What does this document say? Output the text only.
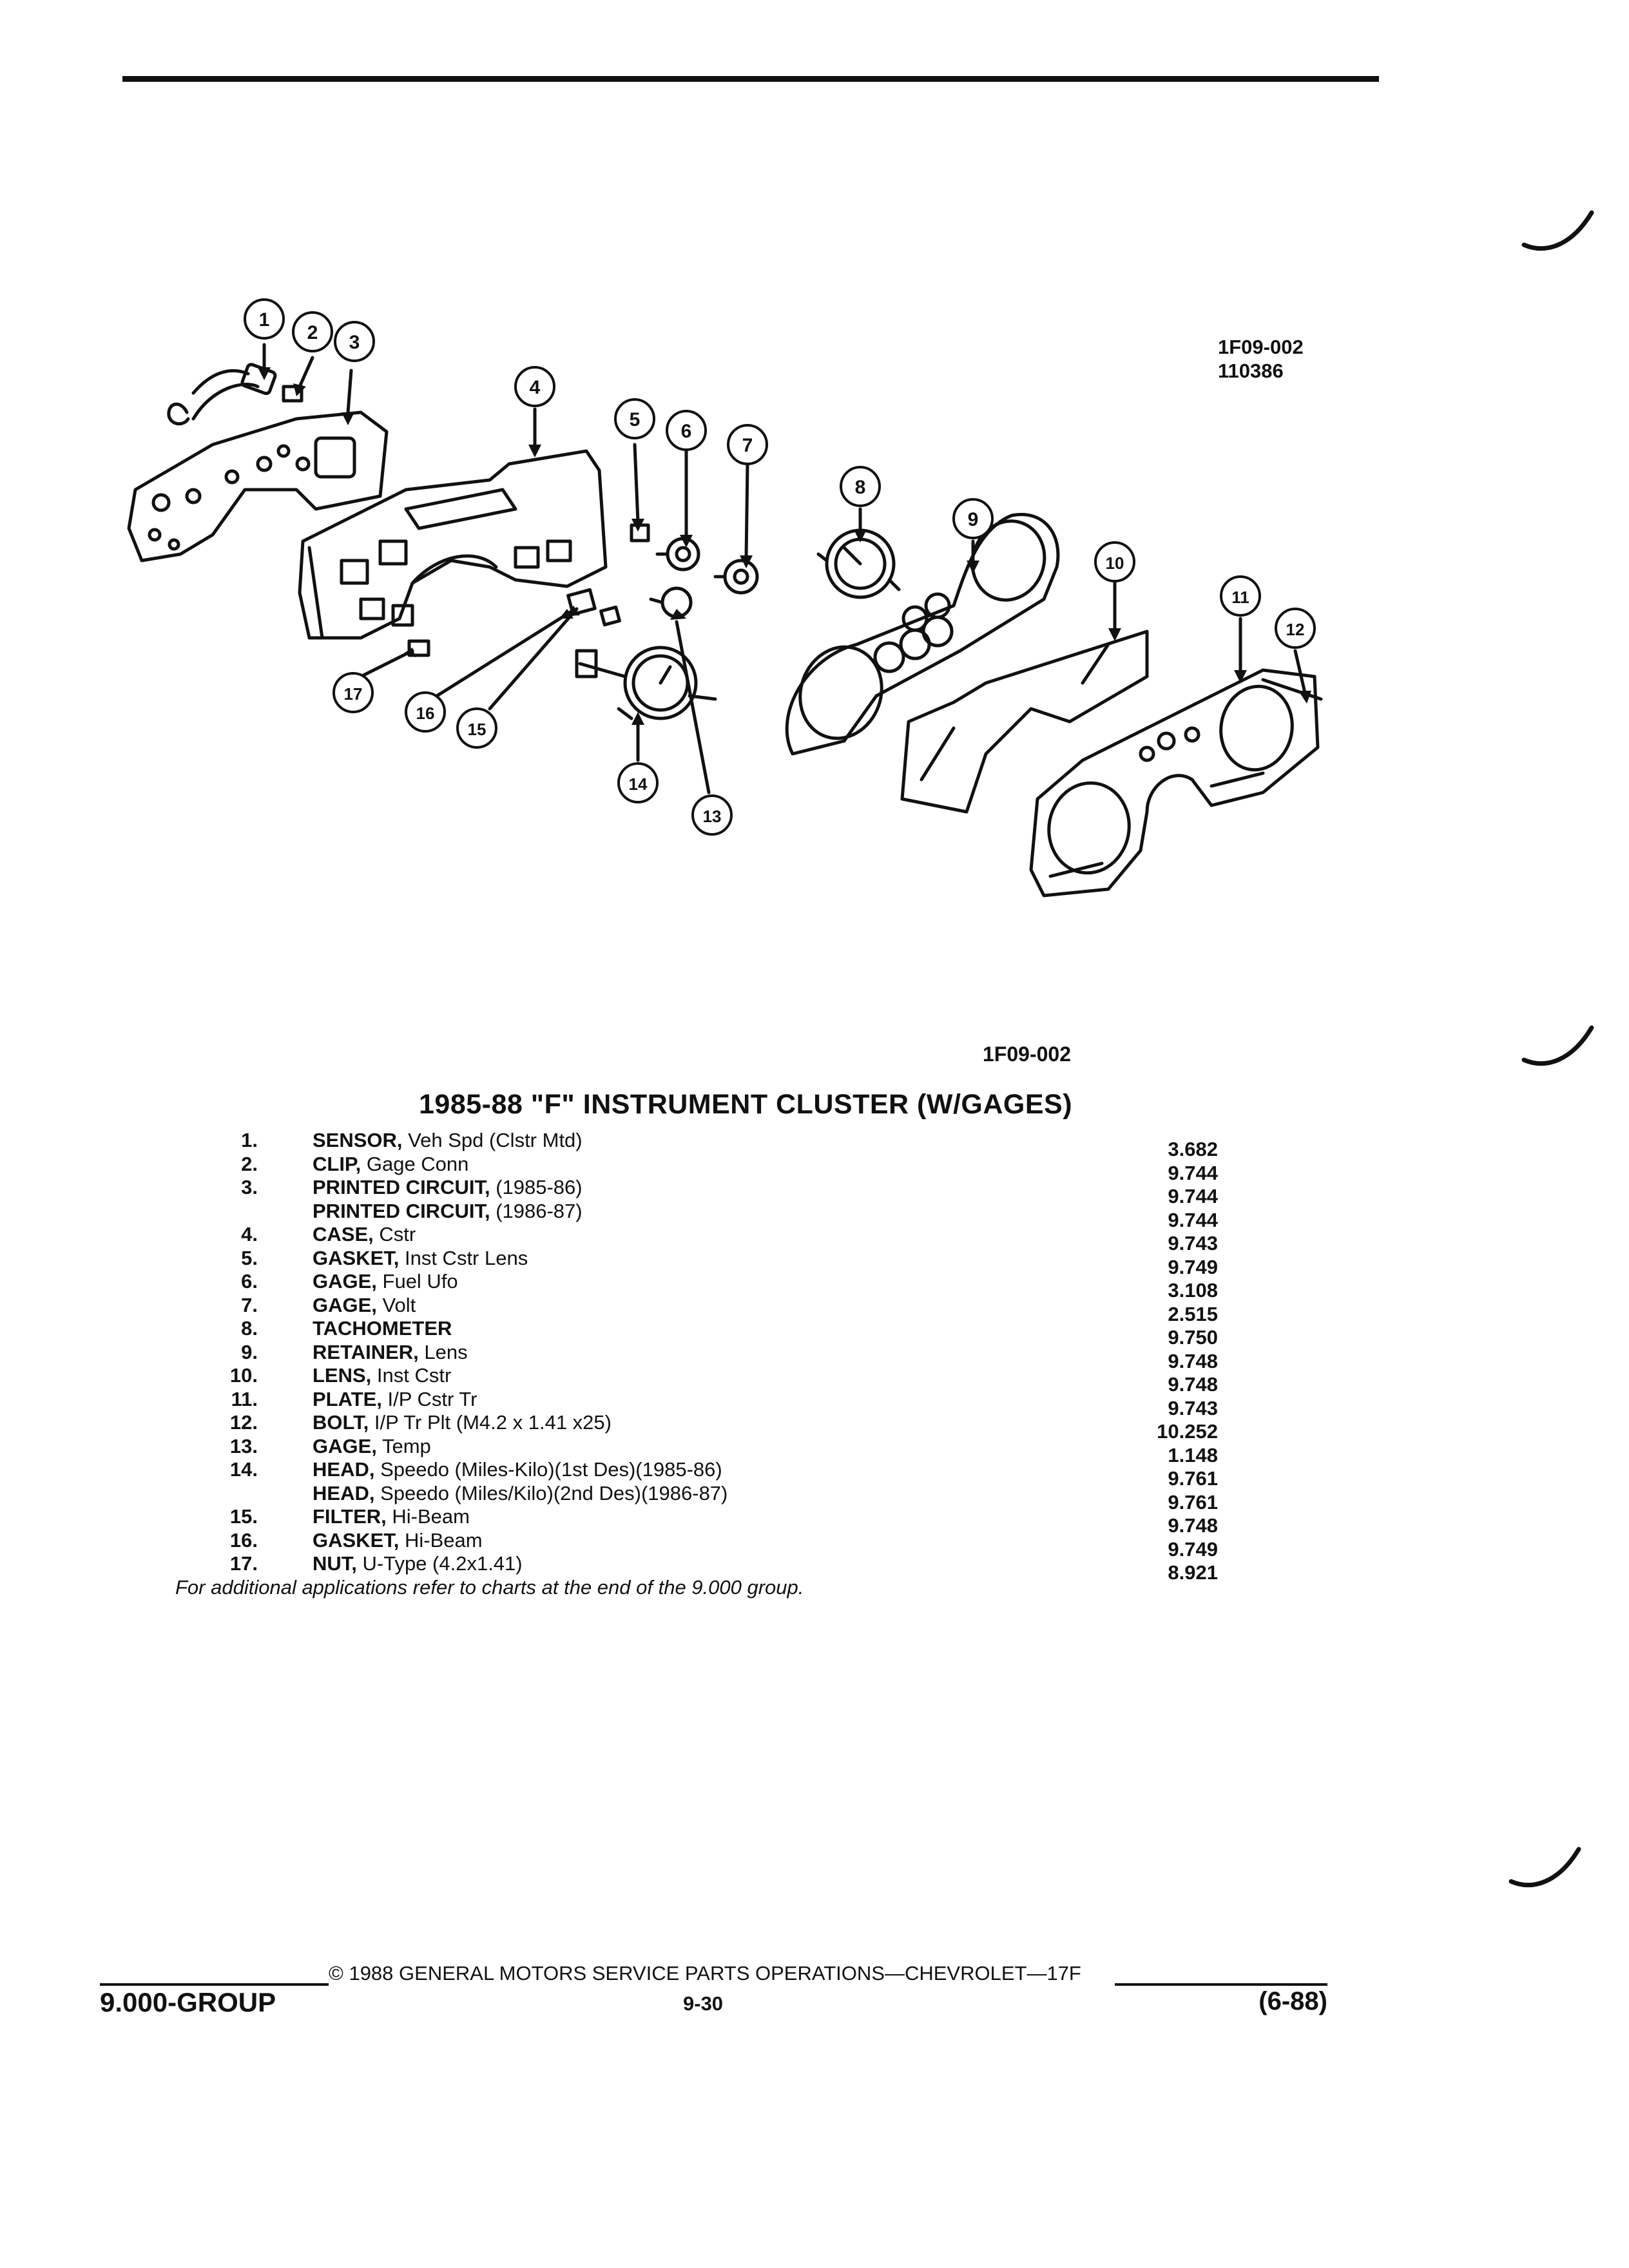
1
2 3
4
5
6
7
8
9
10
11
12
13
14
15
16
17
1F09-002
110386
1F09-002
1985-88 "F" INSTRUMENT CLUSTER (W/GAGES)
1.	SENSOR, Veh Spd (Clstr Mtd)	3.682
2.	CLIP, Gage Conn	9.744
3.	PRINTED CIRCUIT, (1985-86)	9.744
PRINTED CIRCUIT, (1986-87)	9.744
4.	CASE, Cstr	9.743
5.	GASKET, Inst Cstr Lens	9.749
6.	GAGE, Fuel Ufo	3.108
7.	GAGE, Volt	2.515
8.	TACHOMETER	9.750
9.	RETAINER, Lens	9.748
10.	LENS, Inst Cstr	9.748
11.	PLATE, I/P Cstr Tr	9.743
12.	BOLT, I/P Tr Plt (M4.2 x 1.41 x25)	10.252
13.	GAGE, Temp	1.148
14.	HEAD, Speedo (Miles-Kilo)(1st Des)(1985-86)	9.761
HEAD, Speedo (Miles/Kilo)(2nd Des)(1986-87)	9.761
15.	FILTER, Hi-Beam	9.748
16.	GASKET, Hi-Beam	9.749
17.	NUT, U-Type (4.2x1.41)	8.921
For additional applications refer to charts at the end of the 9.000 group.
9.000-GROUP
© 1988 GENERAL MOTORS SERVICE PARTS OPERATIONS—CHEVROLET—17F
9-30	(6-88)
